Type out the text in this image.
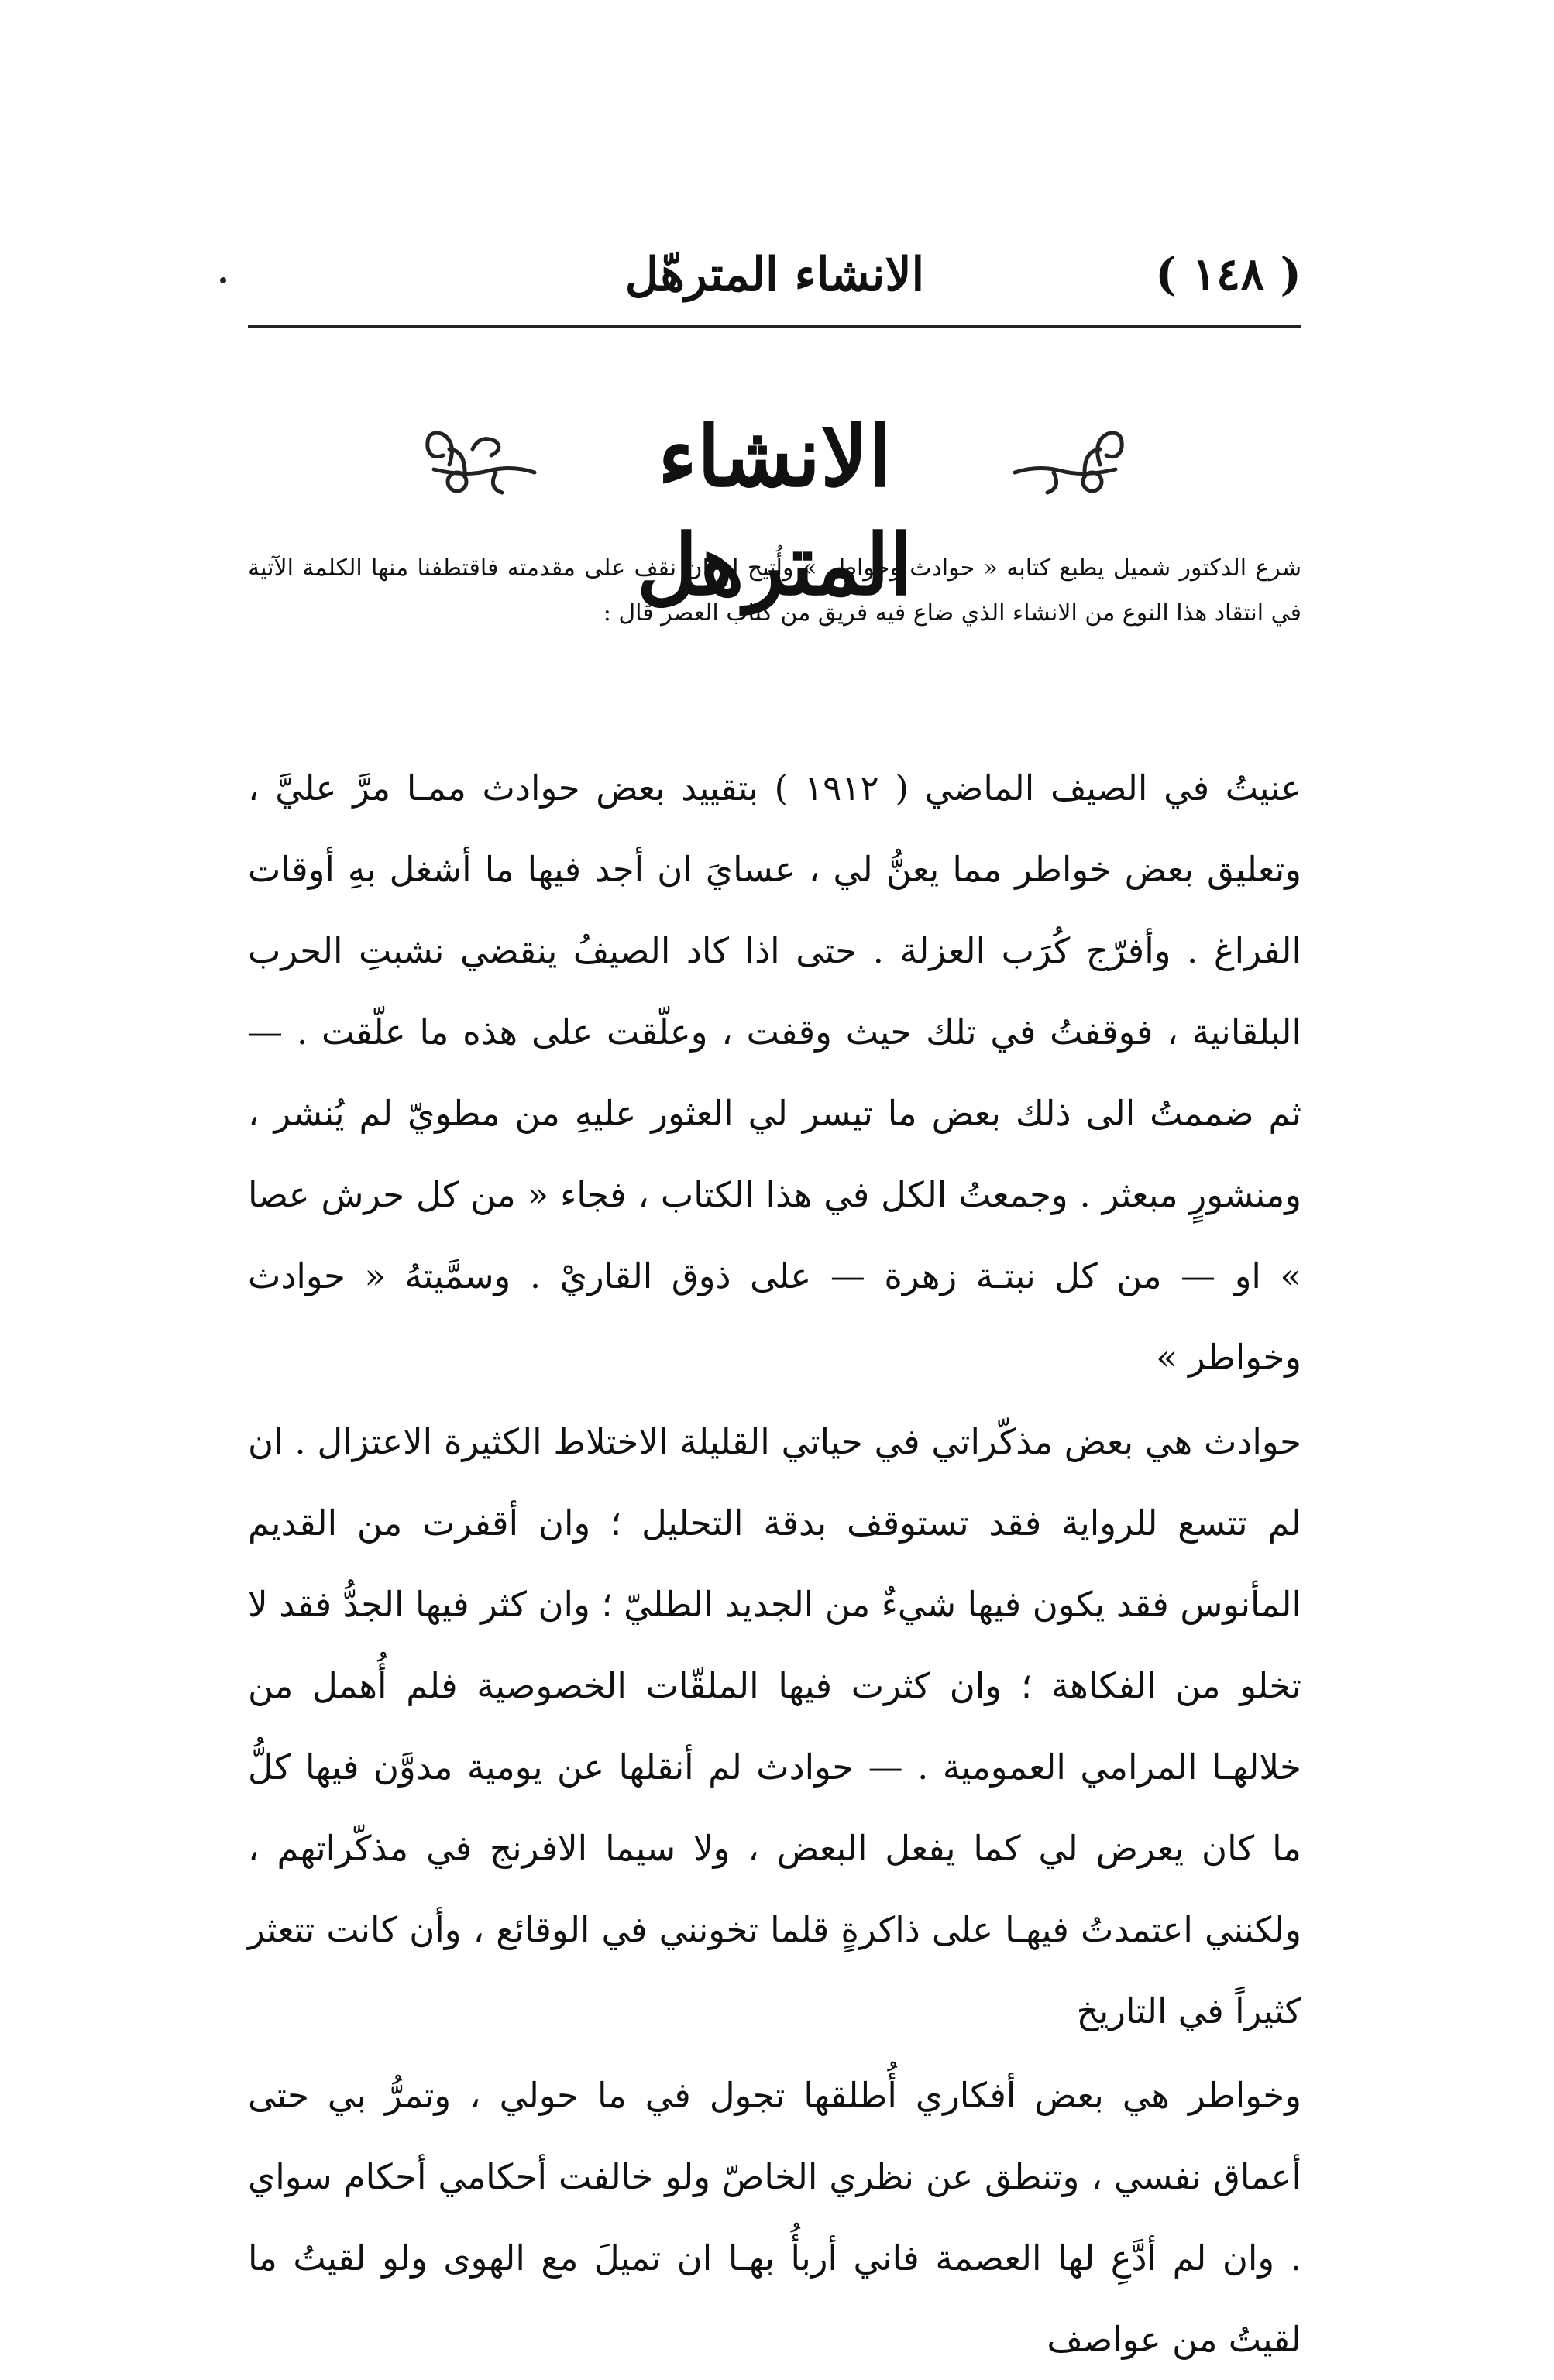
( ١٤٨ )
الانشاء المترهّل
الانشاء المترهل

شرع الدكتور شميل يطبع كتابه « حوادث وخواطر » وأُتيح لنا ان نقف على مقدمته فاقتطفنا منها الكلمة الآتية في انتقاد هذا النوع من الانشاء الذي ضاع فيه فريق من كتاب العصر قال :

عنيتُ في الصيف الماضي ( ١٩١٢ ) بتقييد بعض حوادث ممـا مرَّ عليَّ ، وتعليق بعض خواطر مما يعنُّ لي ، عسايَ ان أجد فيها ما أشغل بهِ أوقات الفراغ . وأفرّج كُرَب العزلة . حتى اذا كاد الصيفُ ينقضي نشبتِ الحرب البلقانية ، فوقفتُ في تلك حيث وقفت ، وعلّقت على هذه ما علّقت . — ثم ضممتُ الى ذلك بعض ما تيسر لي العثور عليهِ من مطويّ لم يُنشر ، ومنشورٍ مبعثر . وجمعتُ الكل في هذا الكتاب ، فجاء « من كل حرش عصا » او — من كل نبتـة زهرة — على ذوق القاريْ . وسمَّيتهُ « حوادث وخواطر »

حوادث هي بعض مذكّراتي في حياتي القليلة الاختلاط الكثيرة الاعتزال . ان لم تتسع للرواية فقد تستوقف بدقة التحليل ؛ وان أقفرت من القديم المأنوس فقد يكون فيها شيءٌ من الجديد الطليّ ؛ وان كثر فيها الجدُّ فقد لا تخلو من الفكاهة ؛ وان كثرت فيها الملقّات الخصوصية فلم أُهمل من خلالهـا المرامي العمومية . — حوادث لم أنقلها عن يومية مدوَّن فيها كلُّ ما كان يعرض لي كما يفعل البعض ، ولا سيما الافرنج في مذكّراتهم ، ولكنني اعتمدتُ فيهـا على ذاكرةٍ قلما تخونني في الوقائع ، وأن كانت تتعثر كثيراً في التاريخ

وخواطر هي بعض أفكاري أُطلقها تجول في ما حولي ، وتمرُّ بي حتى أعماق نفسي ، وتنطق عن نظري الخاصّ ولو خالفت أحكامي أحكام سواي . وان لم أدَّعِ لها العصمة فاني أربأُ بهـا ان تميلَ مع الهوى ولو لقيتُ ما لقيتُ من عواصف
